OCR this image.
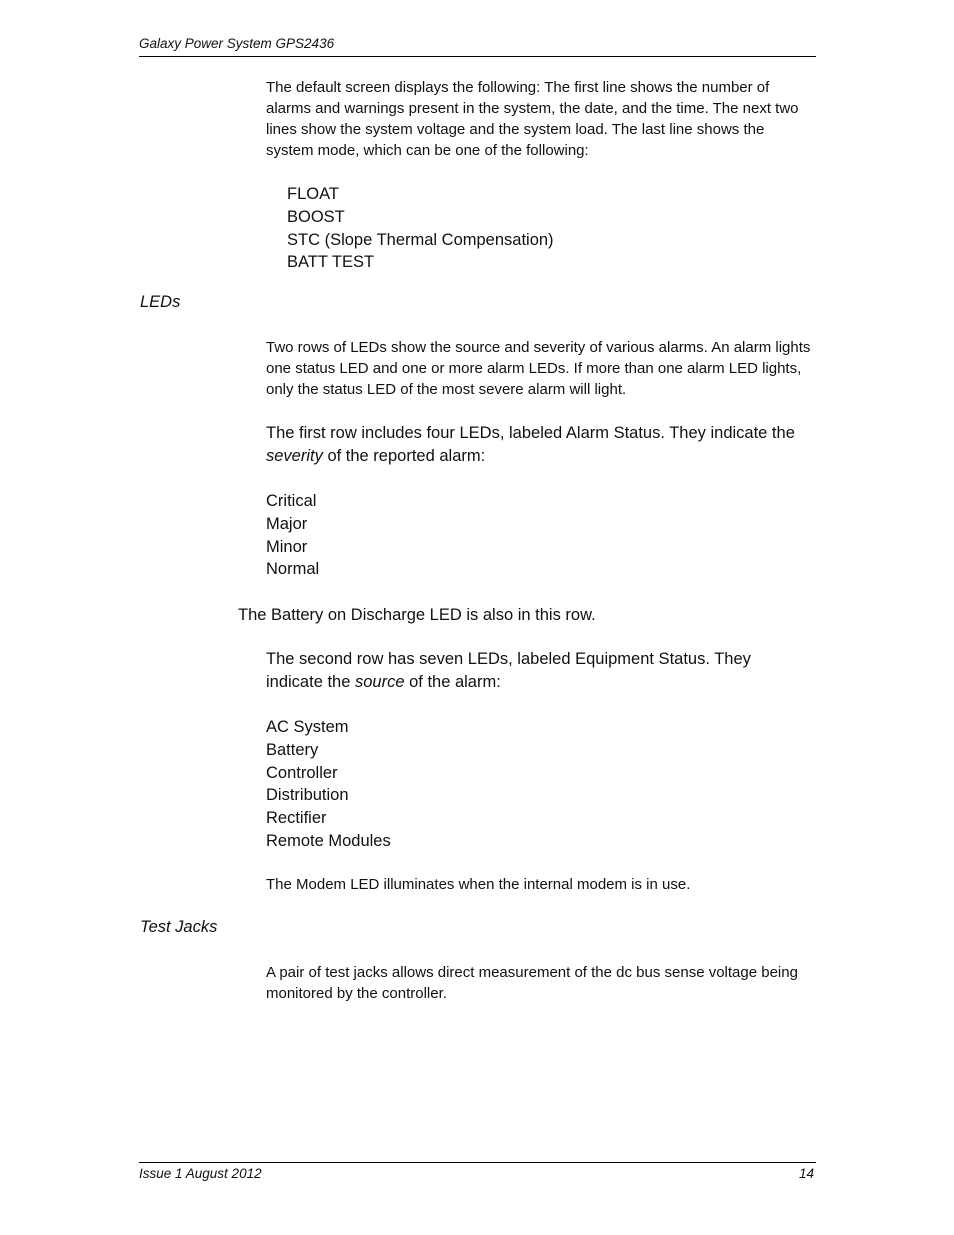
Galaxy Power System GPS2436
The default screen displays the following: The first line shows the number of alarms and warnings present in the system, the date, and the time. The next two lines show the system voltage and the system load. The last line shows the system mode, which can be one of the following:
FLOAT
BOOST
STC (Slope Thermal Compensation)
BATT TEST
LEDs
Two rows of LEDs show the source and severity of various alarms. An alarm lights one status LED and one or more alarm LEDs. If more than one alarm LED lights, only the status LED of the most severe alarm will light.
The first row includes four LEDs, labeled Alarm Status. They indicate the severity of the reported alarm:
Critical
Major
Minor
Normal
The Battery on Discharge LED is also in this row.
The second row has seven LEDs, labeled Equipment Status. They indicate the source of the alarm:
AC System
Battery
Controller
Distribution
Rectifier
Remote Modules
The Modem LED illuminates when the internal modem is in use.
Test Jacks
A pair of test jacks allows direct measurement of the dc bus sense voltage being monitored by the controller.
Issue 1 August 2012	14
